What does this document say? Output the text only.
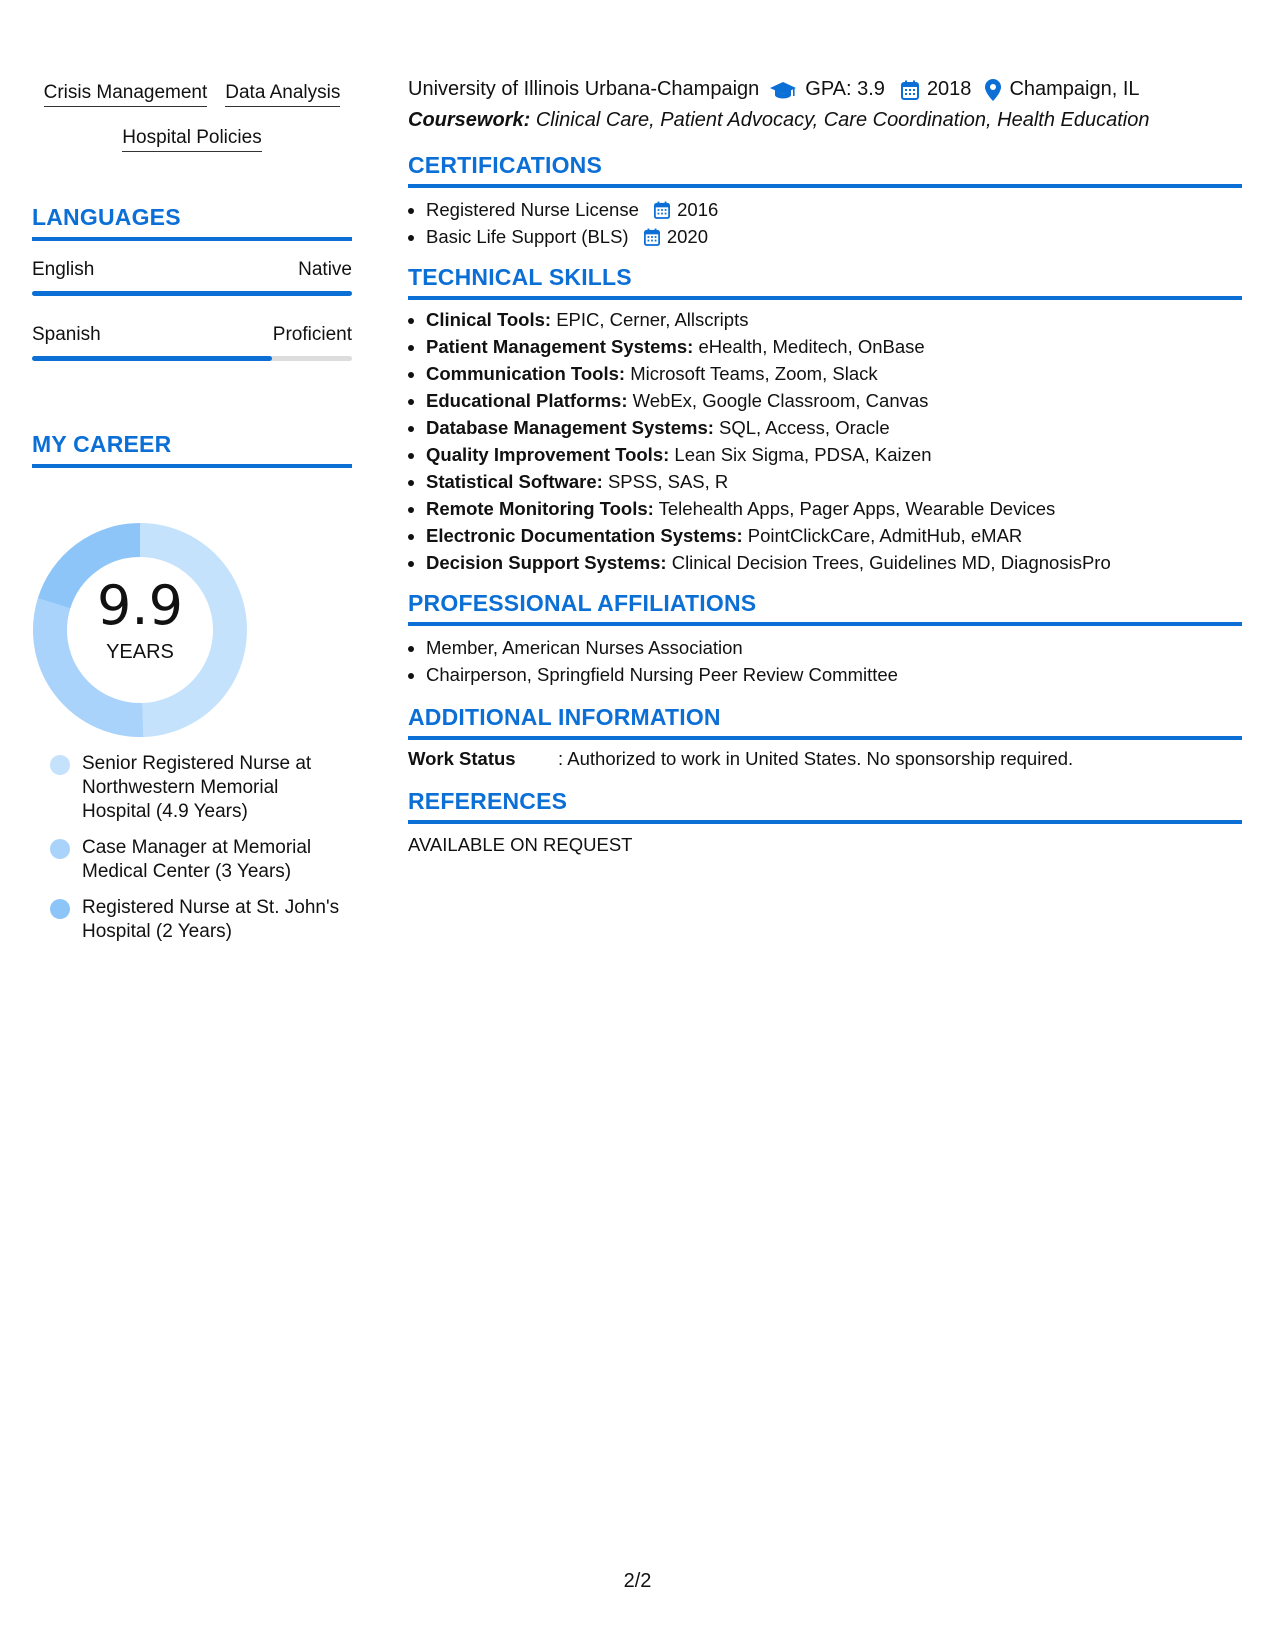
Crisis Management Data Analysis
Hospital Policies
LANGUAGES
English	Native
Spanish	Proficient
MY CAREER
Senior Registered Nurse at Northwestern Memorial Hospital (4.9 Years)
Case Manager at Memorial Medical Center (3 Years)
Registered Nurse at St. John's Hospital (2 Years)
9.9
YEARS
University of Illinois Urbana-Champaign GPA: 3.9 2018 Champaign, IL
Coursework: Clinical Care, Patient Advocacy, Care Coordination, Health Education
CERTIFICATIONS
• Registered Nurse License 2016
• Basic Life Support (BLS) 2020
TECHNICAL SKILLS
• Clinical Tools: EPIC, Cerner, Allscripts
• Patient Management Systems: eHealth, Meditech, OnBase
• Communication Tools: Microsoft Teams, Zoom, Slack
• Educational Platforms: WebEx, Google Classroom, Canvas
• Database Management Systems: SQL, Access, Oracle
• Quality Improvement Tools: Lean Six Sigma, PDSA, Kaizen
• Statistical Software: SPSS, SAS, R
• Remote Monitoring Tools: Telehealth Apps, Pager Apps, Wearable Devices
• Electronic Documentation Systems: PointClickCare, AdmitHub, eMAR
• Decision Support Systems: Clinical Decision Trees, Guidelines MD, DiagnosisPro
PROFESSIONAL AFFILIATIONS
• Member, American Nurses Association
• Chairperson, Springfield Nursing Peer Review Committee
ADDITIONAL INFORMATION
Work Status	: Authorized to work in United States. No sponsorship required.
REFERENCES
AVAILABLE ON REQUEST
2/2
